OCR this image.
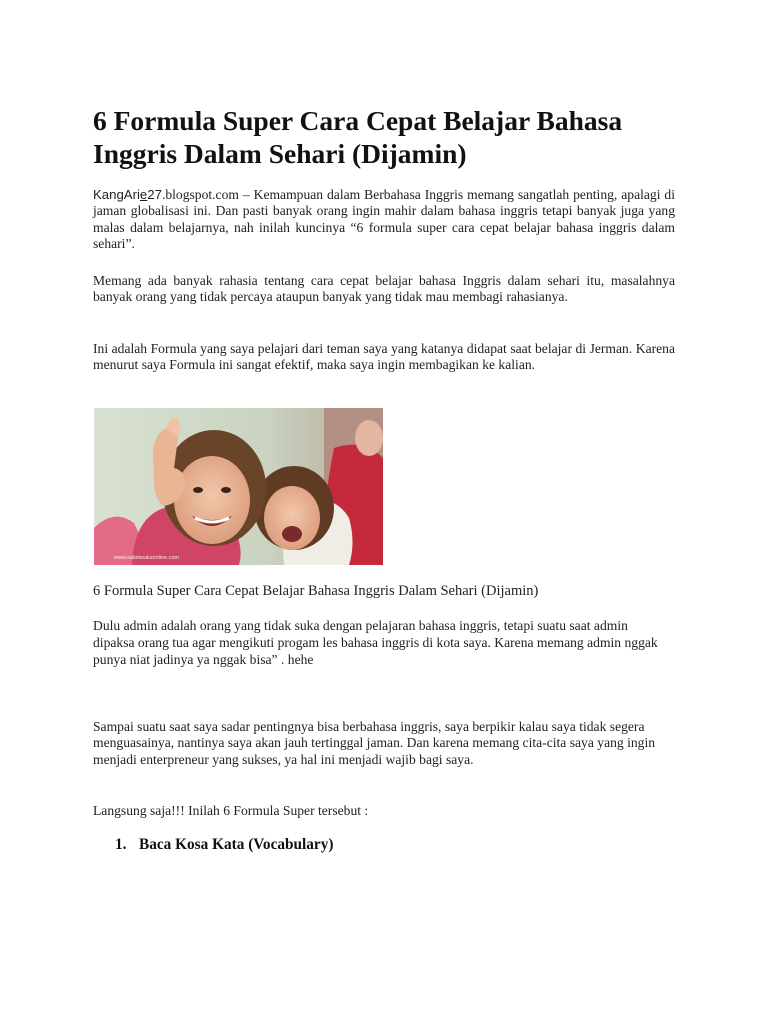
6 Formula Super Cara Cepat Belajar Bahasa Inggris Dalam Sehari (Dijamin)

KangArie27.blogspot.com – Kemampuan dalam Berbahasa Inggris memang sangatlah penting, apalagi di jaman globalisasi ini. Dan pasti banyak orang ingin mahir dalam bahasa inggris tetapi banyak juga yang malas dalam belajarnya, nah inilah kuncinya “6 formula super cara cepat belajar bahasa inggris dalam sehari”.

Memang ada banyak rahasia tentang cara cepat belajar bahasa Inggris dalam sehari itu, masalahnya banyak orang yang tidak percaya ataupun banyak yang tidak mau membagi rahasianya.

Ini adalah Formula yang saya pelajari dari teman saya yang katanya didapat saat belajar di Jerman. Karena menurut saya Formula ini sangat efektif, maka saya ingin membagikan ke kalian.

www.salatiwaksonline.com

6 Formula Super Cara Cepat Belajar Bahasa Inggris Dalam Sehari (Dijamin)

Dulu admin adalah orang yang tidak suka dengan pelajaran bahasa inggris, tetapi suatu saat admin dipaksa orang tua agar mengikuti progam les bahasa inggris di kota saya. Karena memang admin nggak punya niat jadinya ya nggak bisa” . hehe

Sampai suatu saat saya sadar pentingnya bisa berbahasa inggris, saya berpikir kalau saya tidak segera menguasainya, nantinya saya akan jauh tertinggal jaman. Dan karena memang cita-cita saya yang ingin menjadi enterpreneur yang sukses, ya hal ini menjadi wajib bagi saya.

Langsung saja!!! Inilah 6 Formula Super tersebut :

1. Baca Kosa Kata (Vocabulary)
